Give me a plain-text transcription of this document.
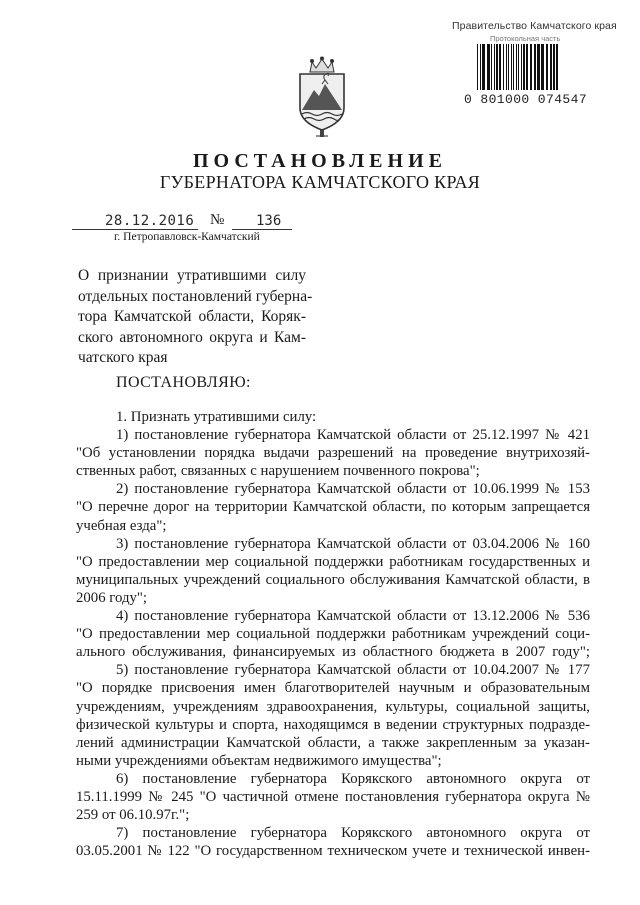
Правительство Камчатского края
Протокольная часть
0 801000 074547
ПОСТАНОВЛЕНИЕ
ГУБЕРНАТОРА КАМЧАТСКОГО КРАЯ
28.12.2016 № 136
г. Петропавловск-Камчатский
О признании утратившими силу
отдельных постановлений губерна-
тора Камчатской области, Коряк-
ского автономного округа и Кам-
чатского края
ПОСТАНОВЛЯЮ:
1. Признать утратившими силу:
1) постановление губернатора Камчатской области от 25.12.1997 № 421
"Об установлении порядка выдачи разрешений на проведение внутрихозяй-
ственных работ, связанных с нарушением почвенного покрова";
2) постановление губернатора Камчатской области от 10.06.1999 № 153
"О перечне дорог на территории Камчатской области, по которым запрещается
учебная езда";
3) постановление губернатора Камчатской области от 03.04.2006 № 160
"О предоставлении мер социальной поддержки работникам государственных и
муниципальных учреждений социального обслуживания Камчатской области, в
2006 году";
4) постановление губернатора Камчатской области от 13.12.2006 № 536
"О предоставлении мер социальной поддержки работникам учреждений соци-
ального обслуживания, финансируемых из областного бюджета в 2007 году";
5) постановление губернатора Камчатской области от 10.04.2007 № 177
"О порядке присвоения имен благотворителей научным и образовательным
учреждениям, учреждениям здравоохранения, культуры, социальной защиты,
физической культуры и спорта, находящимся в ведении структурных подразде-
лений администрации Камчатской области, а также закрепленным за указан-
ными учреждениями объектам недвижимого имущества";
6) постановление губернатора Корякского автономного округа от
15.11.1999 № 245 "О частичной отмене постановления губернатора округа №
259 от 06.10.97г.";
7) постановление губернатора Корякского автономного округа от
03.05.2001 № 122 "О государственном техническом учете и технической инвен-
